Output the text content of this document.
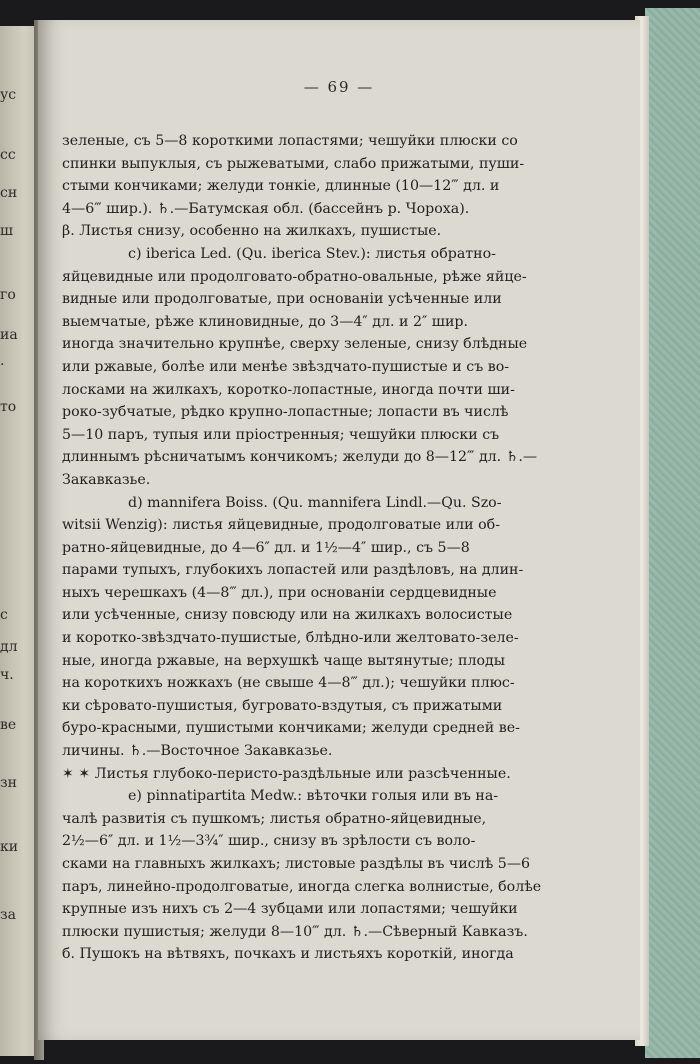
ус
сс
сн
ш
го
иа
·
то
с
дл
ч.
ве
зн
ки
за
— 69 —
зеленые, съ 5—8 короткими лопастями; чешуйки плюски со
спинки выпуклыя, съ рыжеватыми, слабо прижатыми, пуши-
стыми кончиками; желуди тонкіе, длинные (10—12‴ дл. и
4—6‴ шир.). ♄.—Батумская обл. (бассейнъ р. Чороха).
β. Листья снизу, особенно на жилкахъ, пушистые.
c) iberica Led. (Qu. iberica Stev.): листья обратно-
яйцевидные или продолговато-обратно-овальные, рѣже яйце-
видные или продолговатые, при основаніи усѣченные или
выемчатые, рѣже клиновидные, до 3—4″ дл. и 2″ шир.
иногда значительно крупнѣе, сверху зеленые, снизу блѣдные
или ржавые, болѣе или менѣе звѣздчато-пушистые и съ во-
лосками на жилкахъ, коротко-лопастные, иногда почти ши-
роко-зубчатые, рѣдко крупно-лопастные; лопасти въ числѣ
5—10 паръ, тупыя или пріостренныя; чешуйки плюски съ
длиннымъ рѣсничатымъ кончикомъ; желуди до 8—12‴ дл. ♄.—
Закавказье.
d) mannifera Boiss. (Qu. mannifera Lindl.—Qu. Szo-
witsii Wenzig): листья яйцевидные, продолговатые или об-
ратно-яйцевидные, до 4—6″ дл. и 1½—4″ шир., съ 5—8
парами тупыхъ, глубокихъ лопастей или раздѣловъ, на длин-
ныхъ черешкахъ (4—8‴ дл.), при основаніи сердцевидные
или усѣченные, снизу повсюду или на жилкахъ волосистые
и коротко-звѣздчато-пушистые, блѣдно-или желтовато-зеле-
ные, иногда ржавые, на верхушкѣ чаще вытянутые; плоды
на короткихъ ножкахъ (не свыше 4—8‴ дл.); чешуйки плюс-
ки сѣровато-пушистыя, бугровато-вздутыя, съ прижатыми
буро-красными, пушистыми кончиками; желуди средней ве-
личины. ♄.—Восточное Закавказье.
✶ ✶ Листья глубоко-перисто-раздѣльные или разсѣченные.
e) pinnatipartita Medw.: вѣточки голыя или въ на-
чалѣ развитія съ пушкомъ; листья обратно-яйцевидные,
2½—6″ дл. и 1½—3¾″ шир., снизу въ зрѣлости съ воло-
сками на главныхъ жилкахъ; листовые раздѣлы въ числѣ 5—6
паръ, линейно-продолговатые, иногда слегка волнистые, болѣе
крупные изъ нихъ съ 2—4 зубцами или лопастями; чешуйки
плюски пушистыя; желуди 8—10‴ дл. ♄.—Сѣверный Кавказъ.
б. Пушокъ на вѣтвяхъ, почкахъ и листьяхъ короткій, иногда
